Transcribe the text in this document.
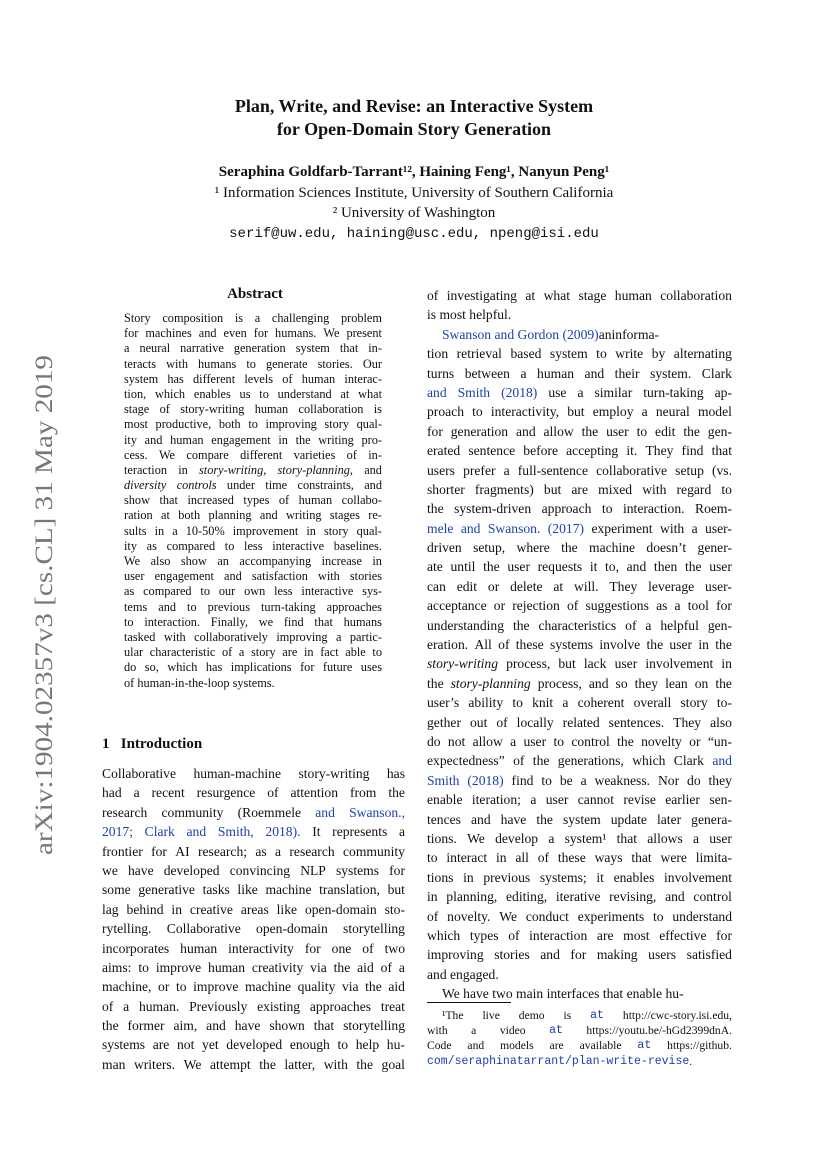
arXiv:1904.02357v3 [cs.CL] 31 May 2019
Plan, Write, and Revise: an Interactive System
for Open-Domain Story Generation
Seraphina Goldfarb-Tarrant¹², Haining Feng¹, Nanyun Peng¹
¹ Information Sciences Institute, University of Southern California
² University of Washington
serif@uw.edu, haining@usc.edu, npeng@isi.edu
Abstract
Story composition is a challenging problem
for machines and even for humans. We present
a neural narrative generation system that in-
teracts with humans to generate stories. Our
system has different levels of human interac-
tion, which enables us to understand at what
stage of story-writing human collaboration is
most productive, both to improving story qual-
ity and human engagement in the writing pro-
cess. We compare different varieties of in-
teraction in story-writing, story-planning, and
diversity controls under time constraints, and
show that increased types of human collabo-
ration at both planning and writing stages re-
sults in a 10-50% improvement in story qual-
ity as compared to less interactive baselines.
We also show an accompanying increase in
user engagement and satisfaction with stories
as compared to our own less interactive sys-
tems and to previous turn-taking approaches
to interaction. Finally, we find that humans
tasked with collaboratively improving a partic-
ular characteristic of a story are in fact able to
do so, which has implications for future uses
of human-in-the-loop systems.
1   Introduction
Collaborative human-machine story-writing has
had a recent resurgence of attention from the
research community (Roemmele and Swanson.,
2017; Clark and Smith, 2018). It represents a
frontier for AI research; as a research community
we have developed convincing NLP systems for
some generative tasks like machine translation, but
lag behind in creative areas like open-domain sto-
rytelling. Collaborative open-domain storytelling
incorporates human interactivity for one of two
aims: to improve human creativity via the aid of a
machine, or to improve machine quality via the aid
of a human. Previously existing approaches treat
the former aim, and have shown that storytelling
systems are not yet developed enough to help hu-
man writers. We attempt the latter, with the goal
of investigating at what stage human collaboration
is most helpful.
Swanson and Gordon (2009) aninforma-
tion retrieval based system to write by alternating
turns between a human and their system. Clark
and Smith (2018) use a similar turn-taking ap-
proach to interactivity, but employ a neural model
for generation and allow the user to edit the gen-
erated sentence before accepting it. They find that
users prefer a full-sentence collaborative setup (vs.
shorter fragments) but are mixed with regard to
the system-driven approach to interaction. Roem-
mele and Swanson. (2017) experiment with a user-
driven setup, where the machine doesn’t gener-
ate until the user requests it to, and then the user
can edit or delete at will. They leverage user-
acceptance or rejection of suggestions as a tool for
understanding the characteristics of a helpful gen-
eration. All of these systems involve the user in the
story-writing process, but lack user involvement in
the story-planning process, and so they lean on the
user’s ability to knit a coherent overall story to-
gether out of locally related sentences. They also
do not allow a user to control the novelty or “un-
expectedness” of the generations, which Clark and
Smith (2018) find to be a weakness. Nor do they
enable iteration; a user cannot revise earlier sen-
tences and have the system update later genera-
tions. We develop a system¹ that allows a user
to interact in all of these ways that were limita-
tions in previous systems; it enables involvement
in planning, editing, iterative revising, and control
of novelty. We conduct experiments to understand
which types of interaction are most effective for
improving stories and for making users satisfied
and engaged.
We have two main interfaces that enable hu-
¹The live demo is at http://cwc-story.isi.edu,
with a video at https://youtu.be/-hGd2399dnA.
Code and models are available at https://github.
com/seraphinatarrant/plan-write-revise .
